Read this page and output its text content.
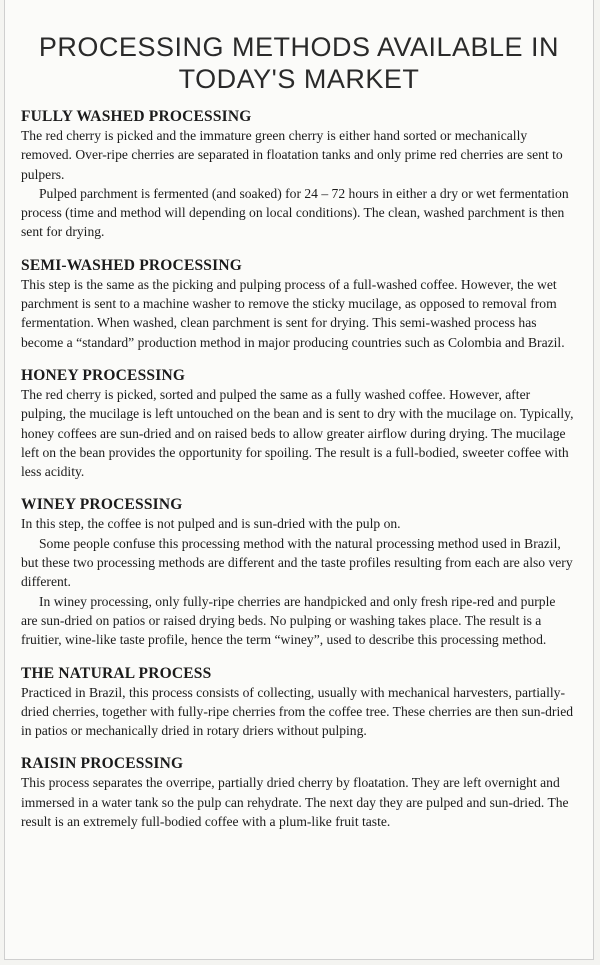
PROCESSING METHODS AVAILABLE IN
TODAY'S MARKET
FULLY WASHED PROCESSING

The red cherry is picked and the immature green cherry is either hand sorted or mechanically removed. Over-ripe cherries are separated in floatation tanks and only prime red cherries are sent to pulpers.

Pulped parchment is fermented (and soaked) for 24 – 72 hours in either a dry or wet fermentation process (time and method will depending on local conditions). The clean, washed parchment is then sent for drying.

SEMI-WASHED PROCESSING

This step is the same as the picking and pulping process of a full-washed coffee. However, the wet parchment is sent to a machine washer to remove the sticky mucilage, as opposed to removal from fermentation. When washed, clean parchment is sent for drying. This semi-washed process has become a “standard” production method in major producing countries such as Colombia and Brazil.

HONEY PROCESSING

The red cherry is picked, sorted and pulped the same as a fully washed coffee. However, after pulping, the mucilage is left untouched on the bean and is sent to dry with the mucilage on. Typically, honey coffees are sun-dried and on raised beds to allow greater airflow during drying. The mucilage left on the bean provides the opportunity for spoiling. The result is a full-bodied, sweeter coffee with less acidity.

WINEY PROCESSING

In this step, the coffee is not pulped and is sun-dried with the pulp on.

Some people confuse this processing method with the natural processing method used in Brazil, but these two processing methods are different and the taste profiles resulting from each are also very different.

In winey processing, only fully-ripe cherries are handpicked and only fresh ripe-red and purple are sun-dried on patios or raised drying beds. No pulping or washing takes place. The result is a fruitier, wine-like taste profile, hence the term “winey”, used to describe this processing method.

THE NATURAL PROCESS

Practiced in Brazil, this process consists of collecting, usually with mechanical harvesters, partially-dried cherries, together with fully-ripe cherries from the coffee tree. These cherries are then sun-dried in patios or mechanically dried in rotary driers without pulping.

RAISIN PROCESSING

This process separates the overripe, partially dried cherry by floatation. They are left overnight and immersed in a water tank so the pulp can rehydrate. The next day they are pulped and sun-dried. The result is an extremely full-bodied coffee with a plum-like fruit taste.
